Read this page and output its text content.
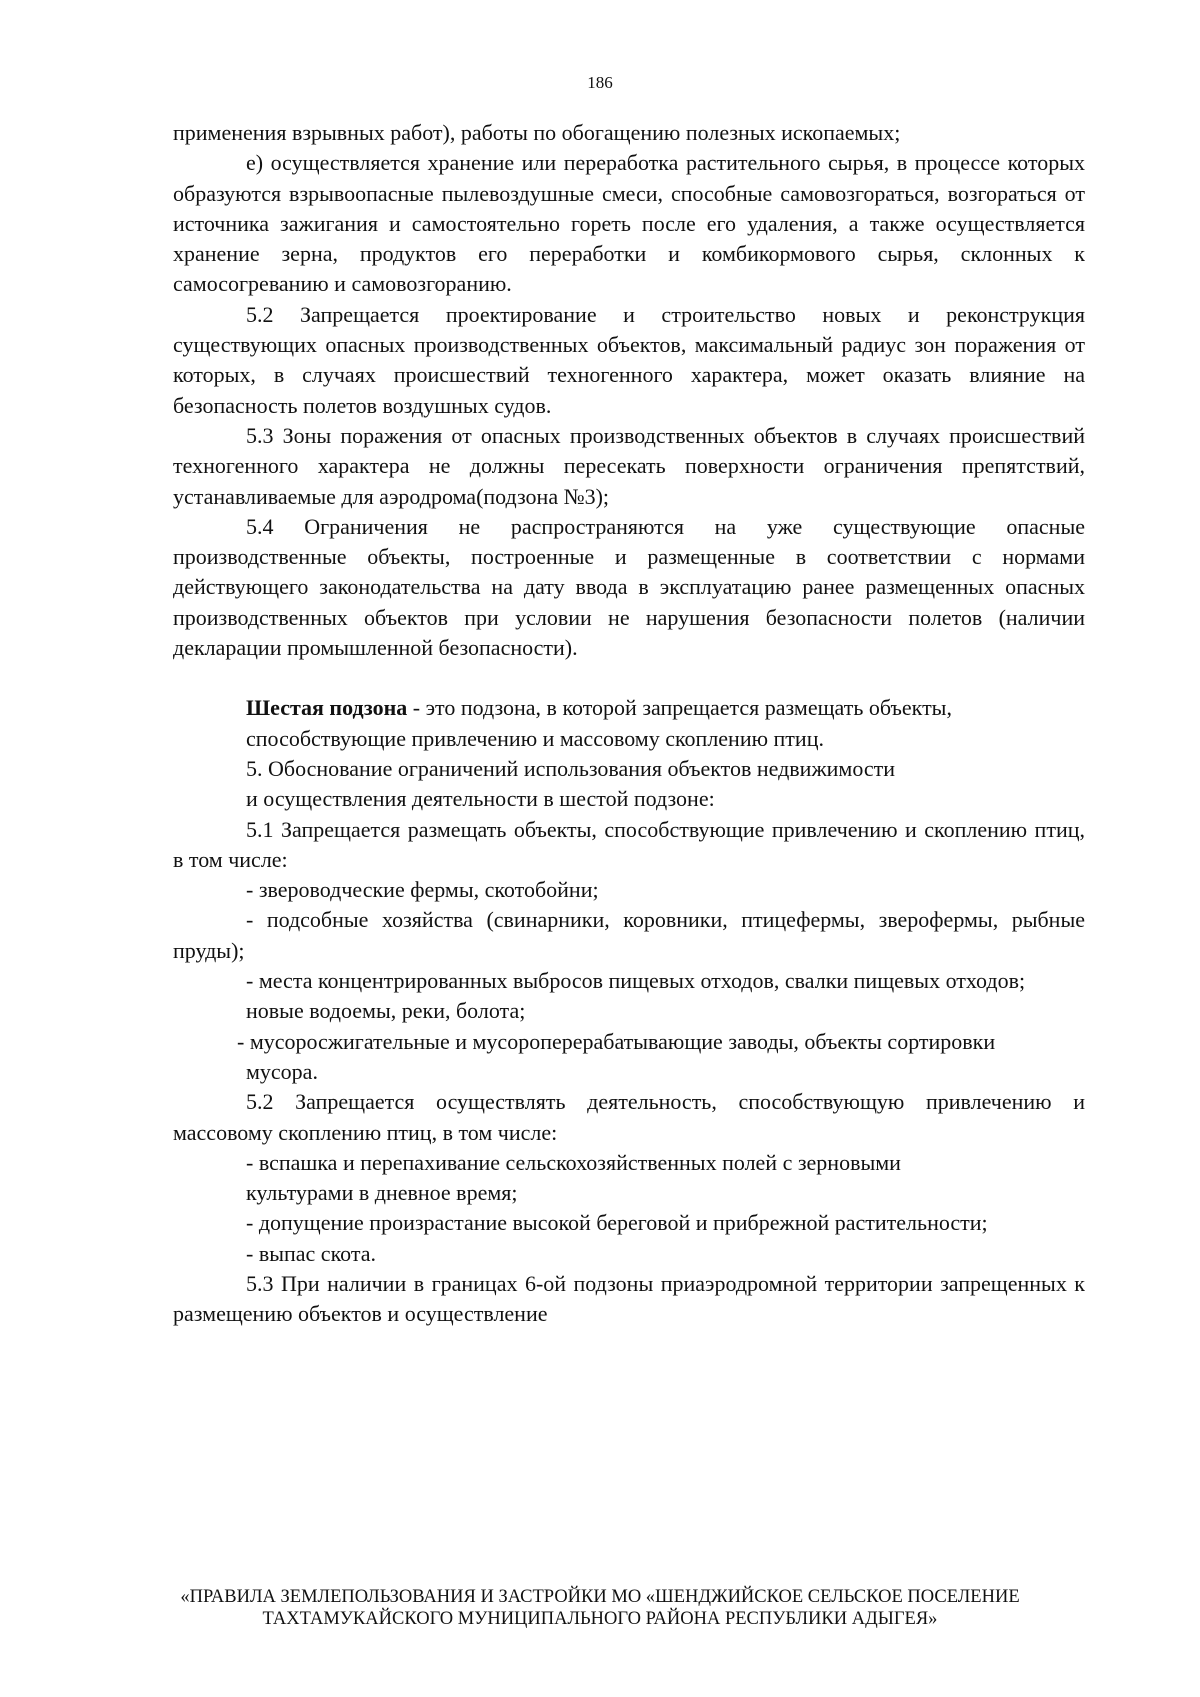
186

применения взрывных работ), работы по обогащению полезных ископаемых;

е) осуществляется хранение или переработка растительного сырья, в процессе которых образуются взрывоопасные пылевоздушные смеси, способные самовозгораться, возгораться от источника зажигания и самостоятельно гореть после его удаления, а также осуществляется хранение зерна, продуктов его переработки и комбикормового сырья, склонных к самосогреванию и самовозгоранию.

5.2 Запрещается проектирование и строительство новых и реконструкция существующих опасных производственных объектов, максимальный радиус зон поражения от которых, в случаях происшествий техногенного характера, может оказать влияние на безопасность полетов воздушных судов.

5.3 Зоны поражения от опасных производственных объектов в случаях происшествий техногенного характера не должны пересекать поверхности ограничения препятствий, устанавливаемые для аэродрома(подзона №3);

5.4 Ограничения не распространяются на уже существующие опасные производственные объекты, построенные и размещенные в соответствии с нормами действующего законодательства на дату ввода в эксплуатацию ранее размещенных опасных производственных объектов при условии не нарушения безопасности полетов (наличии декларации промышленной безопасности).

Шестая подзона - это подзона, в которой запрещается размещать объекты,

способствующие привлечению и массовому скоплению птиц.

5. Обоснование ограничений использования объектов недвижимости

и осуществления деятельности в шестой подзоне:

5.1 Запрещается размещать объекты, способствующие привлечению и скоплению птиц, в том числе:

- звероводческие фермы, скотобойни;

- подсобные хозяйства (свинарники, коровники, птицефермы, зверофермы, рыбные пруды);

- места концентрированных выбросов пищевых отходов, свалки пищевых отходов;

новые водоемы, реки, болота;

- мусоросжигательные и мусороперерабатывающие заводы, объекты сортировки

мусора.

5.2 Запрещается осуществлять деятельность, способствующую привлечению и массовому скоплению птиц, в том числе:

- вспашка и перепахивание сельскохозяйственных полей с зерновыми

культурами в дневное время;

- допущение произрастание высокой береговой и прибрежной растительности;

- выпас скота.

5.3 При наличии в границах 6-ой подзоны приаэродромной территории запрещенных к размещению объектов и осуществление

«ПРАВИЛА ЗЕМЛЕПОЛЬЗОВАНИЯ И ЗАСТРОЙКИ МО «ШЕНДЖИЙСКОЕ СЕЛЬСКОЕ ПОСЕЛЕНИЕ
ТАХТАМУКАЙСКОГО МУНИЦИПАЛЬНОГО РАЙОНА РЕСПУБЛИКИ АДЫГЕЯ»
